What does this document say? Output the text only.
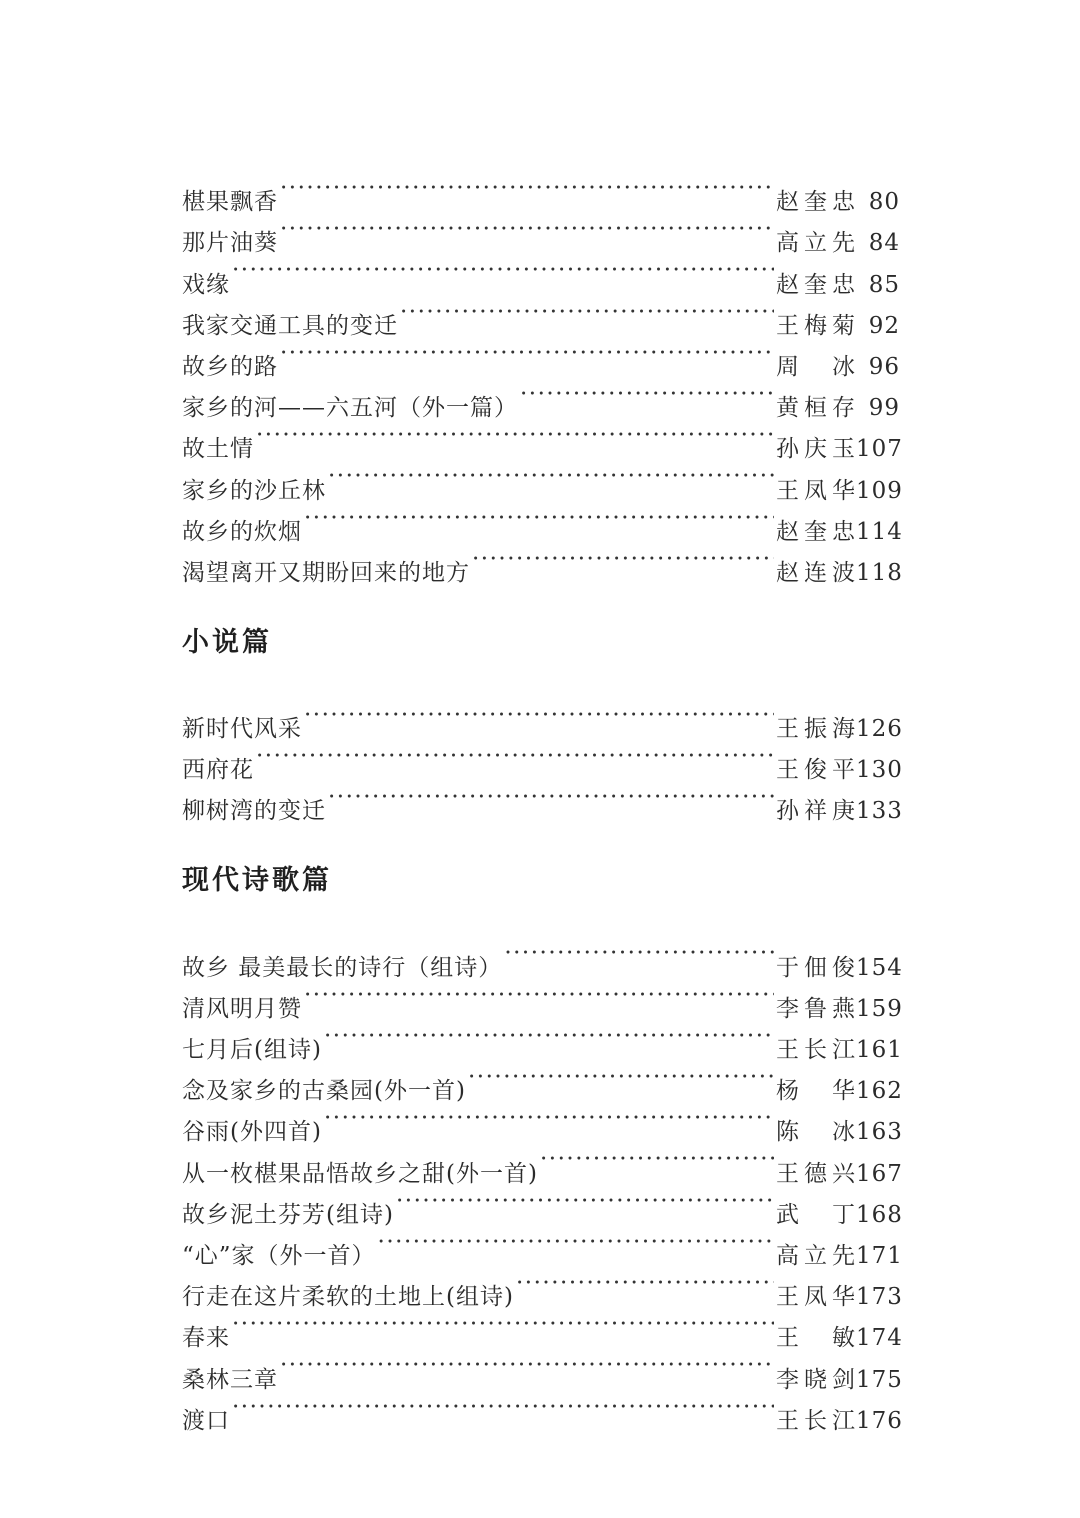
椹果飘香 ·····	赵奎忠 80
那片油葵 ·····	高立先 84
戏缘 ·····	赵奎忠 85
我家交通工具的变迁 ·····	王梅菊 92
故乡的路 ·····	周　冰 96
家乡的河——六五河（外一篇） ·····	黄桓存 99
故土情 ·····	孙庆玉 107
家乡的沙丘林 ·····	王凤华 109
故乡的炊烟 ·····	赵奎忠 114
渴望离开又期盼回来的地方 ·····	赵连波 118
小说篇
新时代风采 ·····	王振海 126
西府花 ·····	王俊平 130
柳树湾的变迁 ·····	孙祥庚 133
现代诗歌篇
故乡 最美最长的诗行（组诗） ·····	于佃俊 154
清风明月赞 ·····	李鲁燕 159
七月后(组诗) ·····	王长江 161
念及家乡的古桑园(外一首) ·····	杨　华 162
谷雨(外四首) ·····	陈　冰 163
从一枚椹果品悟故乡之甜(外一首) ·····	王德兴 167
故乡泥土芬芳(组诗) ·····	武　丁 168
“心”家（外一首） ·····	高立先 171
行走在这片柔软的土地上(组诗) ·····	王凤华 173
春来 ·····	王　敏 174
桑林三章 ·····	李晓剑 175
渡口 ·····	王长江 176
